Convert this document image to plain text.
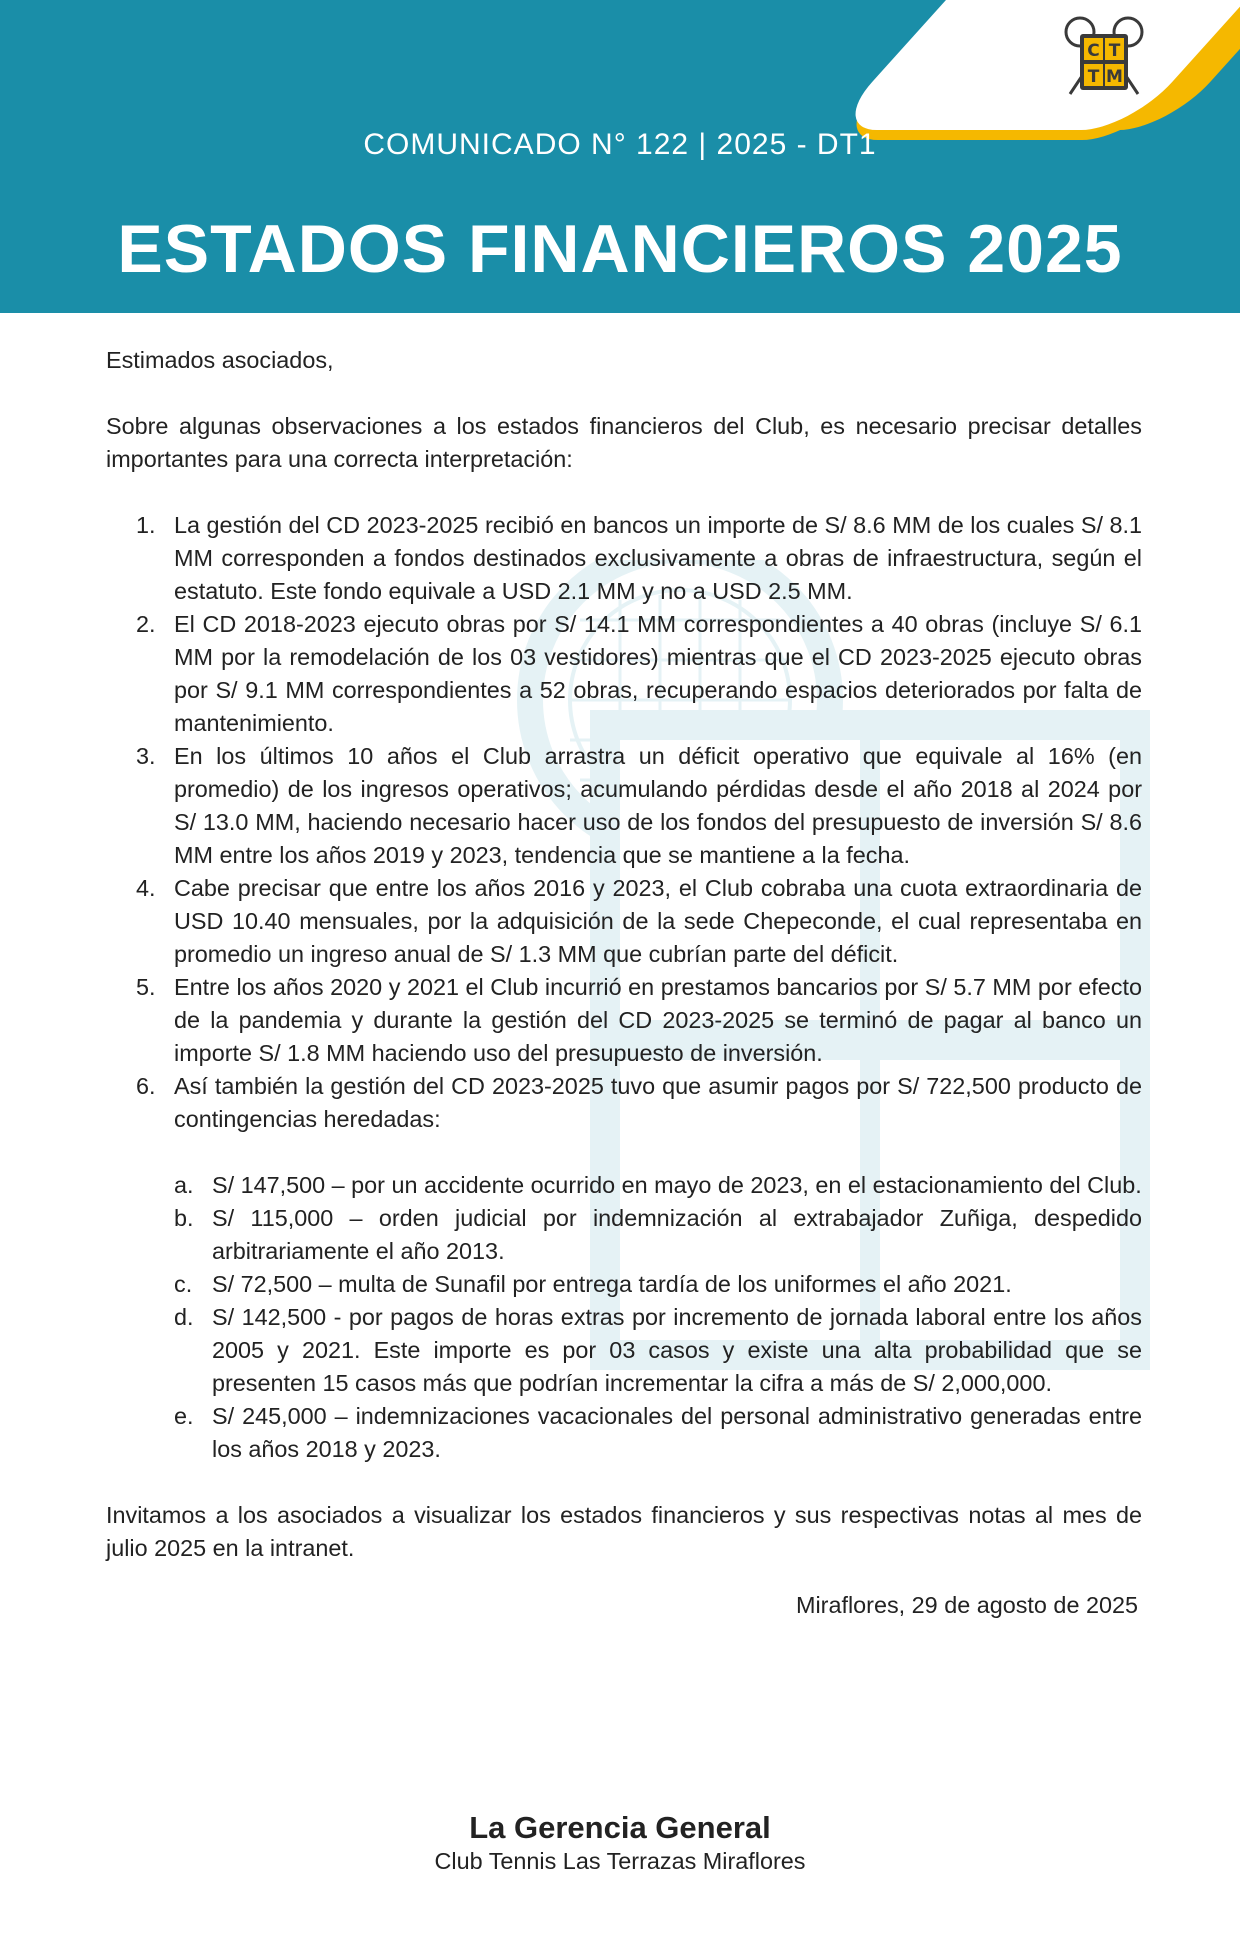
C T
T M
COMUNICADO N° 122 | 2025 - DT1
ESTADOS FINANCIEROS 2025

Estimados asociados,

Sobre algunas observaciones a los estados financieros del Club, es necesario precisar detalles importantes para una correcta interpretación:

1. La gestión del CD 2023-2025 recibió en bancos un importe de S/ 8.6 MM de los cuales S/ 8.1 MM corresponden a fondos destinados exclusivamente a obras de infraestructura, según el estatuto. Este fondo equivale a USD 2.1 MM y no a USD 2.5 MM.
2. El CD 2018-2023 ejecuto obras por S/ 14.1 MM correspondientes a 40 obras (incluye S/ 6.1 MM por la remodelación de los 03 vestidores) mientras que el CD 2023-2025 ejecuto obras por S/ 9.1 MM correspondientes a 52 obras, recuperando espacios deteriorados por falta de mantenimiento.
3. En los últimos 10 años el Club arrastra un déficit operativo que equivale al 16% (en promedio) de los ingresos operativos; acumulando pérdidas desde el año 2018 al 2024 por S/ 13.0 MM, haciendo necesario hacer uso de los fondos del presupuesto de inversión S/ 8.6 MM entre los años 2019 y 2023, tendencia que se mantiene a la fecha.
4. Cabe precisar que entre los años 2016 y 2023, el Club cobraba una cuota extraordinaria de USD 10.40 mensuales, por la adquisición de la sede Chepeconde, el cual representaba en promedio un ingreso anual de S/ 1.3 MM que cubrían parte del déficit.
5. Entre los años 2020 y 2021 el Club incurrió en prestamos bancarios por S/ 5.7 MM por efecto de la pandemia y durante la gestión del CD 2023-2025 se terminó de pagar al banco un importe S/ 1.8 MM haciendo uso del presupuesto de inversión.
6. Así también la gestión del CD 2023-2025 tuvo que asumir pagos por S/ 722,500 producto de contingencias heredadas:
a. S/ 147,500 – por un accidente ocurrido en mayo de 2023, en el estacionamiento del Club.
b. S/ 115,000 – orden judicial por indemnización al extrabajador Zuñiga, despedido arbitrariamente el año 2013.
c. S/ 72,500 – multa de Sunafil por entrega tardía de los uniformes el año 2021.
d. S/ 142,500 - por pagos de horas extras por incremento de jornada laboral entre los años 2005 y 2021. Este importe es por 03 casos y existe una alta probabilidad que se presenten 15 casos más que podrían incrementar la cifra a más de S/ 2,000,000.
e. S/ 245,000 – indemnizaciones vacacionales del personal administrativo generadas entre los años 2018 y 2023.

Invitamos a los asociados a visualizar los estados financieros y sus respectivas notas al mes de julio 2025 en la intranet.

Miraflores, 29 de agosto de 2025

La Gerencia General
Club Tennis Las Terrazas Miraflores
